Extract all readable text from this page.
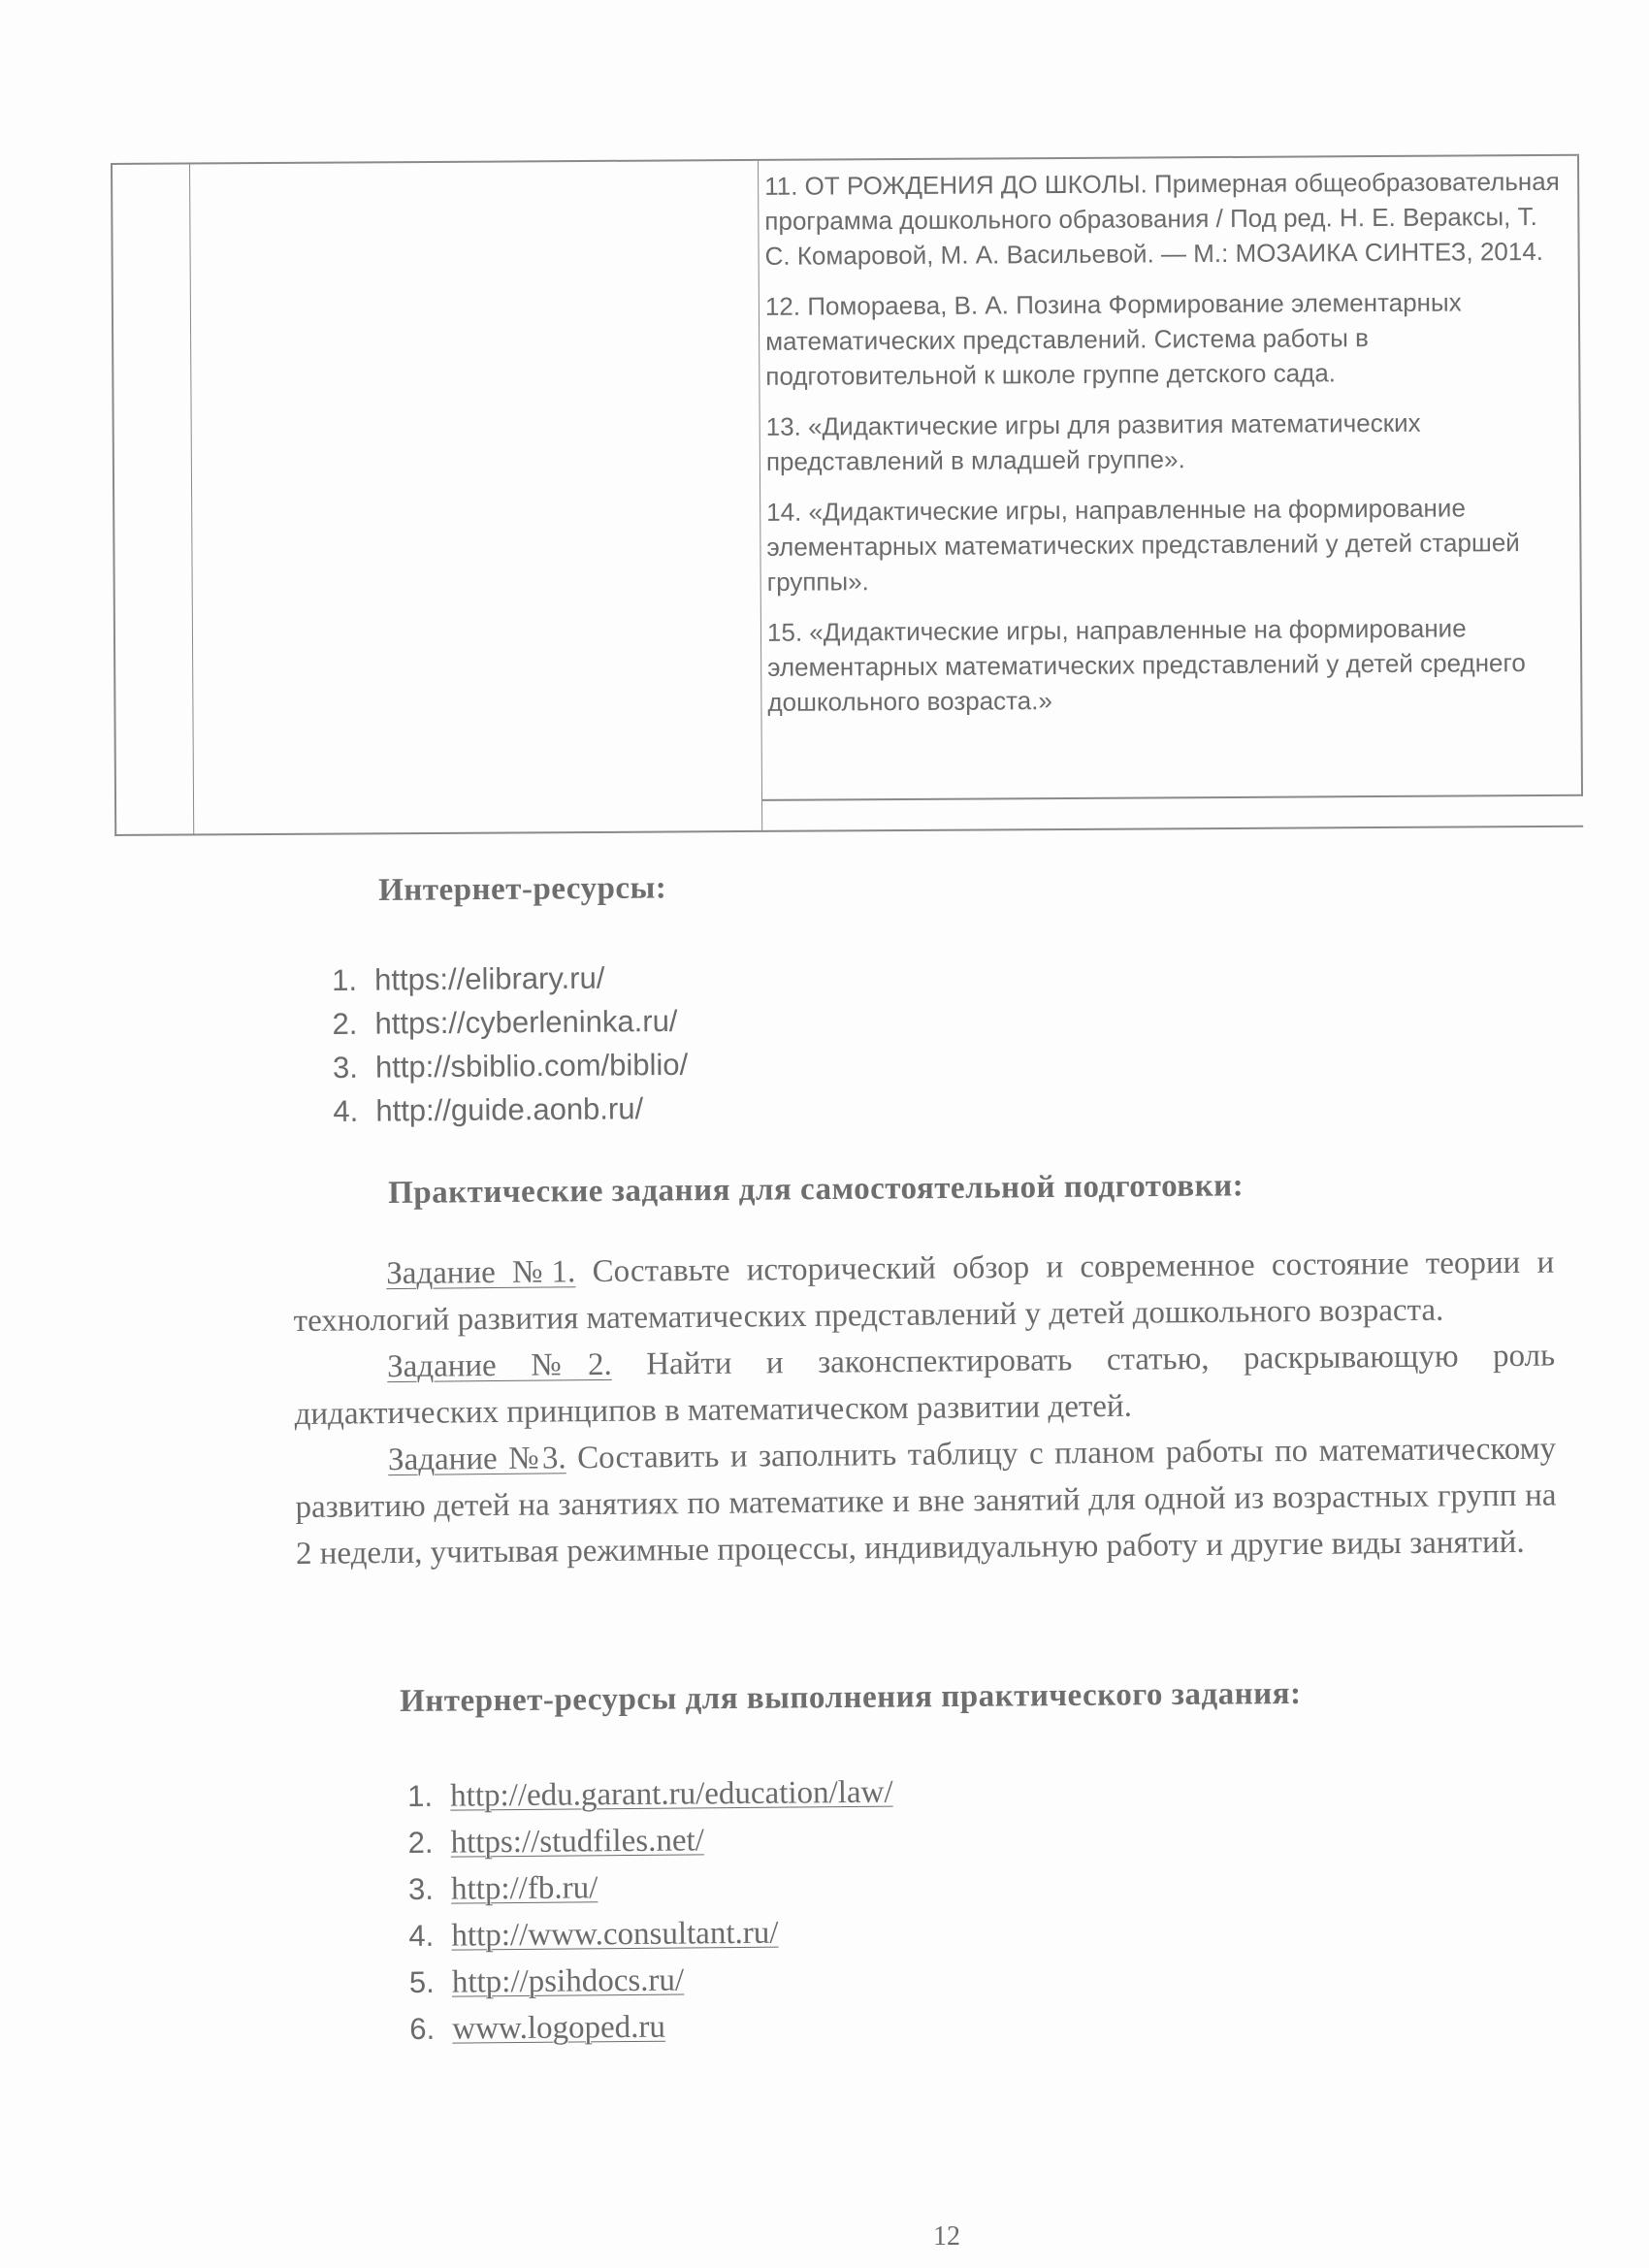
11. ОТ РОЖДЕНИЯ ДО ШКОЛЫ. Примерная общеобразовательная программа дошкольного образования / Под ред. Н. Е. Вераксы, Т. С. Комаровой, М. А. Васильевой. — М.: МОЗАИКА СИНТЕЗ, 2014.

12. Помораева, В. А. Позина Формирование элементарных математических представлений. Система работы в подготовительной к школе группе детского сада.

13. «Дидактические игры для развития математических представлений в младшей группе».

14. «Дидактические игры, направленные на формирование элементарных математических представлений у детей старшей группы».

15. «Дидактические игры, направленные на формирование элементарных математических представлений у детей среднего дошкольного возраста.»

Интернет-ресурсы:
1. https://elibrary.ru/
2. https://cyberleninka.ru/
3. http://sbiblio.com/biblio/
4. http://guide.aonb.ru/
Практические задания для самостоятельной подготовки:

Задание №1. Составьте исторический обзор и современное состояние теории и технологий развития математических представлений у детей дошкольного возраста.

Задание №2. Найти и законспектировать статью, раскрывающую роль дидактических принципов в математическом развитии детей.

Задание №3. Составить и заполнить таблицу с планом работы по математическому развитию детей на занятиях по математике и вне занятий для одной из возрастных групп на 2 недели, учитывая режимные процессы, индивидуальную работу и другие виды занятий.

Интернет-ресурсы для выполнения практического задания:
1. http://edu.garant.ru/education/law/
2. https://studfiles.net/
3. http://fb.ru/
4. http://www.consultant.ru/
5. http://psihdocs.ru/
6. www.logoped.ru
12
